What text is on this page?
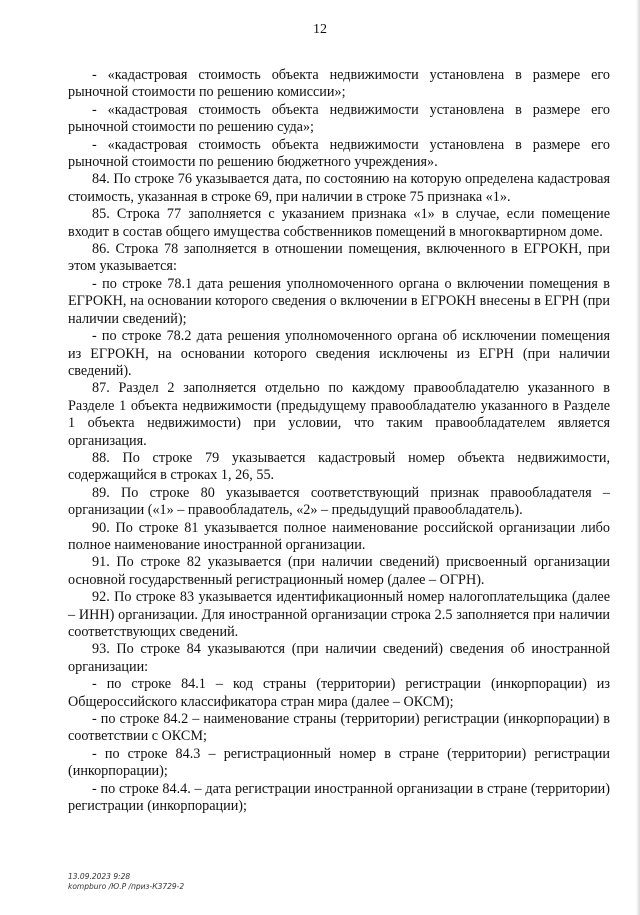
12

- «кадастровая стоимость объекта недвижимости установлена в размере его рыночной стоимости по решению комиссии»;

- «кадастровая стоимость объекта недвижимости установлена в размере его рыночной стоимости по решению суда»;

- «кадастровая стоимость объекта недвижимости установлена в размере его рыночной стоимости по решению бюджетного учреждения».

84. По строке 76 указывается дата, по состоянию на которую определена кадастровая стоимость, указанная в строке 69, при наличии в строке 75 признака «1».

85. Строка 77 заполняется с указанием признака «1» в случае, если помещение входит в состав общего имущества собственников помещений в многоквартирном доме.

86. Строка 78 заполняется в отношении помещения, включенного в ЕГРОКН, при этом указывается:

- по строке 78.1 дата решения уполномоченного органа о включении помещения в ЕГРОКН, на основании которого сведения о включении в ЕГРОКН внесены в ЕГРН (при наличии сведений);

- по строке 78.2 дата решения уполномоченного органа об исключении помещения из ЕГРОКН, на основании которого сведения исключены из ЕГРН (при наличии сведений).

87. Раздел 2 заполняется отдельно по каждому правообладателю указанного в Разделе 1 объекта недвижимости (предыдущему правообладателю указанного в Разделе 1 объекта недвижимости) при условии, что таким правообладателем является организация.

88. По строке 79 указывается кадастровый номер объекта недвижимости, содержащийся в строках 1, 26, 55.

89. По строке 80 указывается соответствующий признак правообладателя – организации («1» – правообладатель, «2» – предыдущий правообладатель).

90. По строке 81 указывается полное наименование российской организации либо полное наименование иностранной организации.

91. По строке 82 указывается (при наличии сведений) присвоенный организации основной государственный регистрационный номер (далее – ОГРН).

92. По строке 83 указывается идентификационный номер налогоплательщика (далее – ИНН) организации. Для иностранной организации строка 2.5 заполняется при наличии соответствующих сведений.

93. По строке 84 указываются (при наличии сведений) сведения об иностранной организации:

- по строке 84.1 – код страны (территории) регистрации (инкорпорации) из Общероссийского классификатора стран мира (далее – ОКСМ);

- по строке 84.2 – наименование страны (территории) регистрации (инкорпорации) в соответствии с ОКСМ;

- по строке 84.3 – регистрационный номер в стране (территории) регистрации (инкорпорации);

- по строке 84.4. – дата регистрации иностранной организации в стране (территории) регистрации (инкорпорации);

13.09.2023 9:28
kompburo /Ю.Р /приз-К3729-2
